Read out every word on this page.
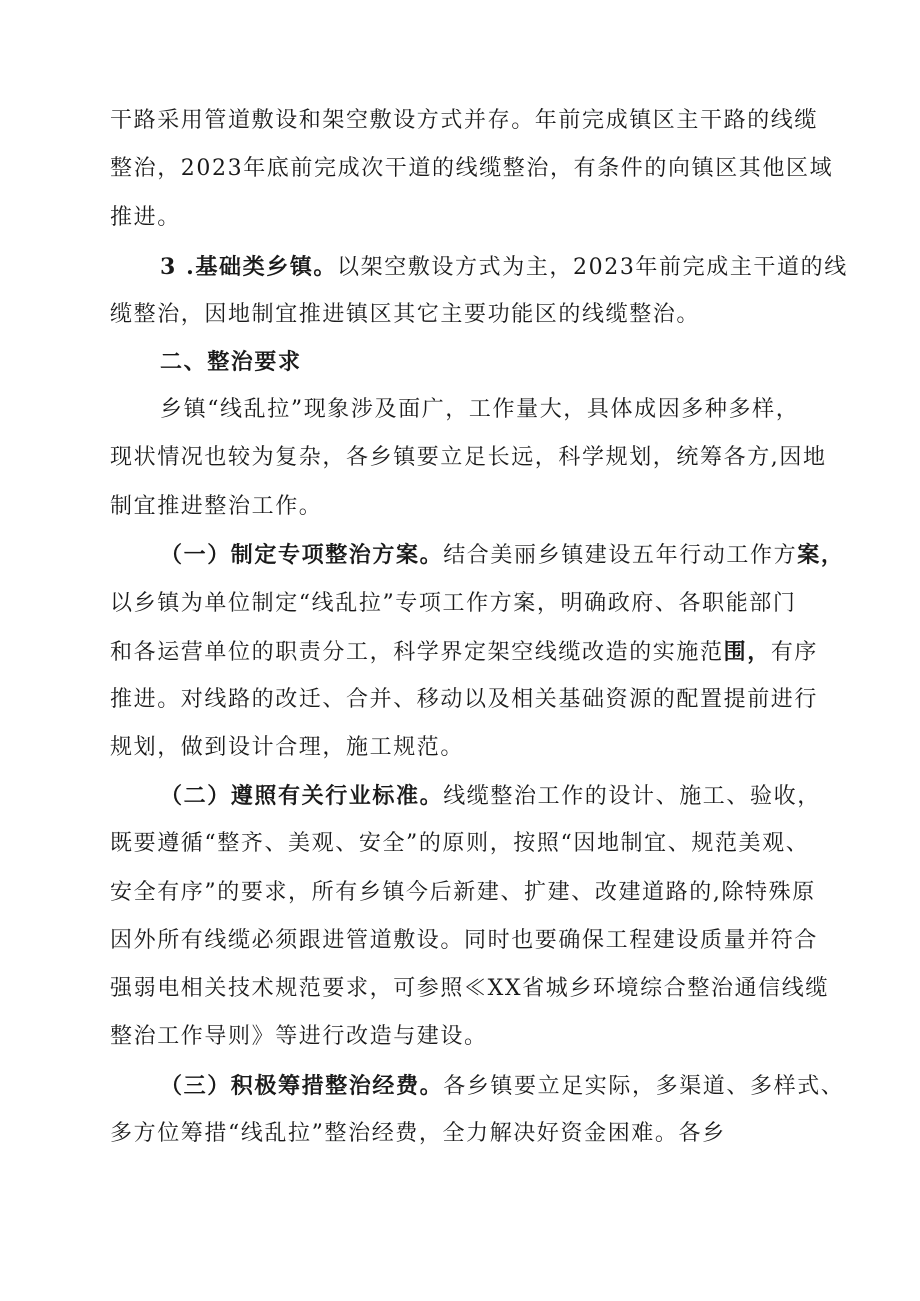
干路采用管道敷设和架空敷设方式并存。年前完成镇区主干路的线缆
整治，2023年底前完成次干道的线缆整治，有条件的向镇区其他区域
推进。
3 .基础类乡镇。以架空敷设方式为主，2023年前完成主干道的线
缆整治，因地制宜推进镇区其它主要功能区的线缆整治。
二、整治要求
乡镇“线乱拉”现象涉及面广，工作量大，具体成因多种多样，
现状情况也较为复杂，各乡镇要立足长远，科学规划，统筹各方,因地
制宜推进整治工作。
（一）制定专项整治方案。结合美丽乡镇建设五年行动工作方案，
以乡镇为单位制定“线乱拉”专项工作方案，明确政府、各职能部门
和各运营单位的职责分工，科学界定架空线缆改造的实施范围，有序
推进。对线路的改迁、合并、移动以及相关基础资源的配置提前进行
规划，做到设计合理，施工规范。
（二）遵照有关行业标准。线缆整治工作的设计、施工、验收，
既要遵循“整齐、美观、安全”的原则，按照“因地制宜、规范美观、
安全有序”的要求，所有乡镇今后新建、扩建、改建道路的,除特殊原
因外所有线缆必须跟进管道敷设。同时也要确保工程建设质量并符合
强弱电相关技术规范要求，可参照≪XX省城乡环境综合整治通信线缆
整治工作导则》等进行改造与建设。
（三）积极筹措整治经费。各乡镇要立足实际，多渠道、多样式、
多方位筹措“线乱拉”整治经费，全力解决好资金困难。各乡
